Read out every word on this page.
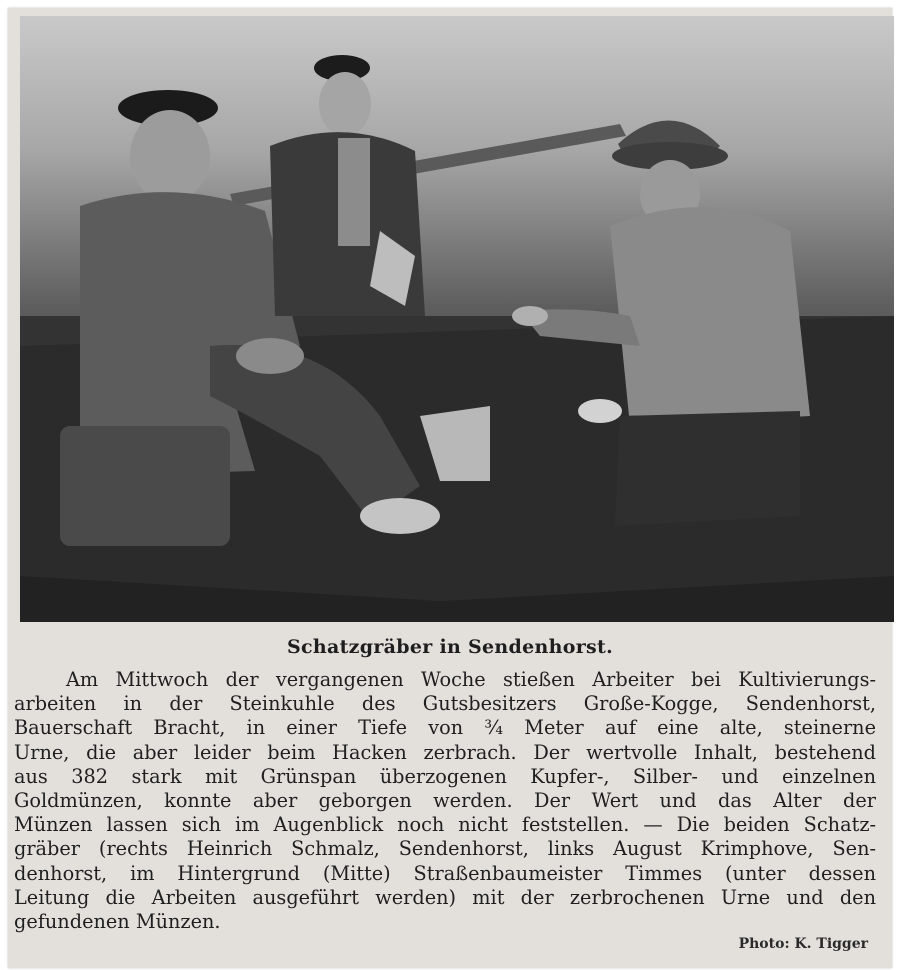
Schatzgräber in Sendenhorst.
Am Mittwoch der vergangenen Woche stießen Arbeiter bei Kultivierungs-
arbeiten in der Steinkuhle des Gutsbesitzers Große-Kogge, Sendenhorst,
Bauerschaft Bracht, in einer Tiefe von ¾ Meter auf eine alte, steinerne
Urne, die aber leider beim Hacken zerbrach. Der wertvolle Inhalt, bestehend
aus 382 stark mit Grünspan überzogenen Kupfer-, Silber- und einzelnen
Goldmünzen, konnte aber geborgen werden. Der Wert und das Alter der
Münzen lassen sich im Augenblick noch nicht feststellen. — Die beiden Schatz-
gräber (rechts Heinrich Schmalz, Sendenhorst, links August Krimphove, Sen-
denhorst, im Hintergrund (Mitte) Straßenbaumeister Timmes (unter dessen
Leitung die Arbeiten ausgeführt werden) mit der zerbrochenen Urne und den
gefundenen Münzen.
Photo: K. Tigger
